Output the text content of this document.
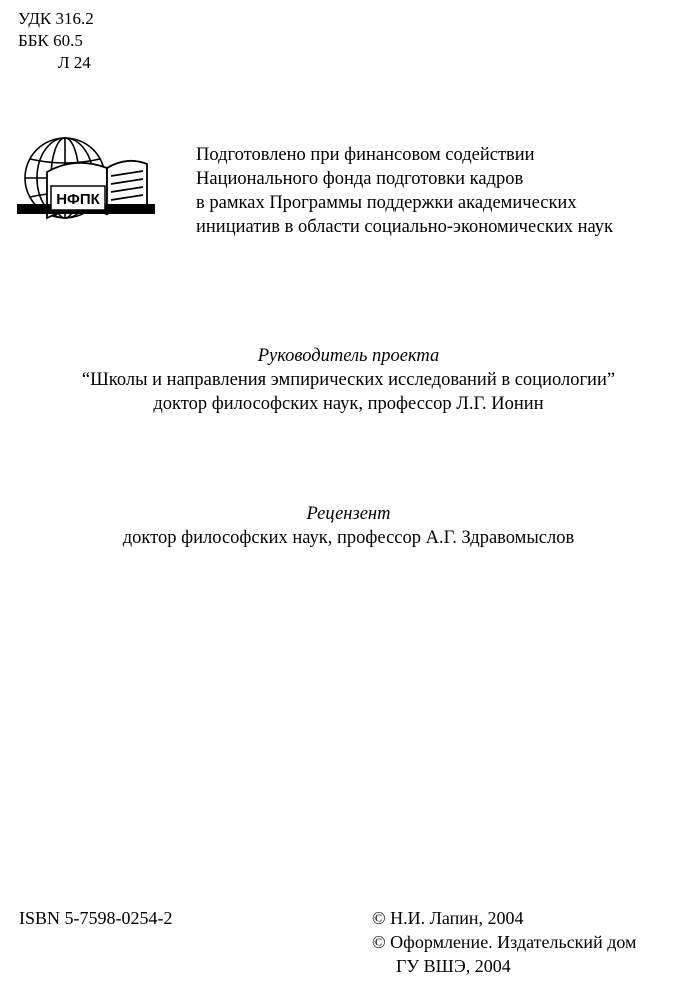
УДК 316.2
ББК 60.5
Л 24
НФПК
Подготовлено при финансовом содействии
Национального фонда подготовки кадров
в рамках Программы поддержки академических
инициатив в области социально-экономических наук
Руководитель проекта
“Школы и направления эмпирических исследований в социологии”
доктор философских наук, профессор Л.Г. Ионин
Рецензент
доктор философских наук, профессор А.Г. Здравомыслов
ISBN 5-7598-0254-2	© Н.И. Лапин, 2004
© Оформление. Издательский дом
ГУ ВШЭ, 2004
